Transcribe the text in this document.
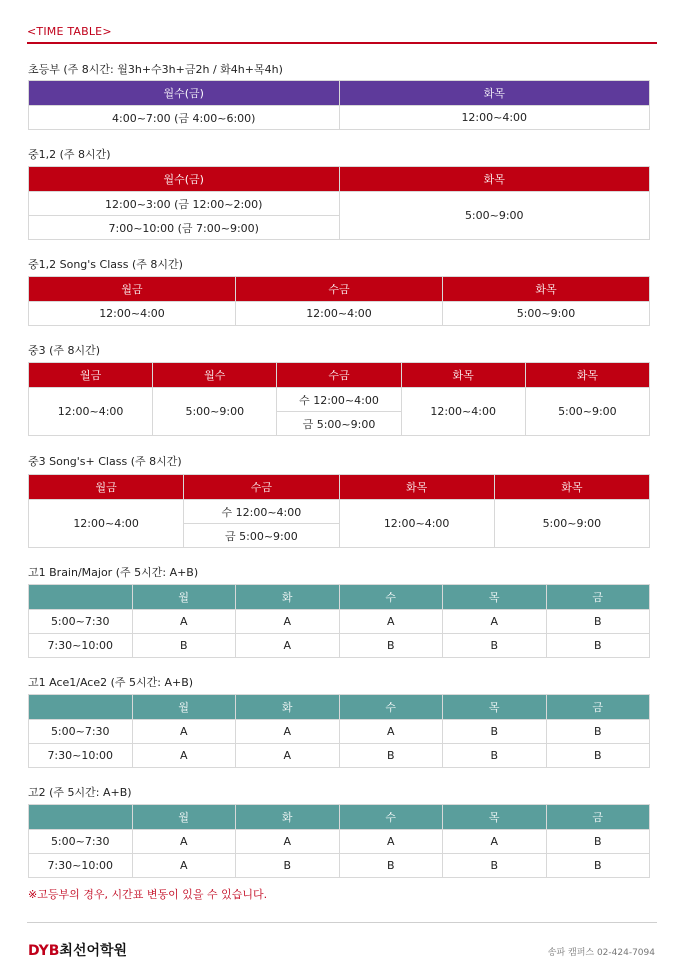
<TIME TABLE>
초등부 (주 8시간: 월3h+수3h+금2h / 화4h+목4h)
월수(금)	화목
4:00~7:00 (금 4:00~6:00)	12:00~4:00
중1,2 (주 8시간)
월수(금)	화목
12:00~3:00 (금 12:00~2:00)	5:00~9:00
7:00~10:00 (금 7:00~9:00)	
중1,2 Song's Class (주 8시간)
월금	수금	화목
12:00~4:00	12:00~4:00	5:00~9:00
중3 (주 8시간)
월금	월수	수금	화목	화목
12:00~4:00	5:00~9:00	수 12:00~4:00	12:00~4:00	5:00~9:00
		금 5:00~9:00		
중3 Song's+ Class (주 8시간)
월금	수금	화목	화목
12:00~4:00	수 12:00~4:00	12:00~4:00	5:00~9:00
	금 5:00~9:00		
고1 Brain/Major (주 5시간: A+B)
	월	화	수	목	금
5:00~7:30	A	A	A	A	B
7:30~10:00	B	A	B	B	B
고1 Ace1/Ace2 (주 5시간: A+B)
	월	화	수	목	금
5:00~7:30	A	A	A	B	B
7:30~10:00	A	A	B	B	B
고2 (주 5시간: A+B)
	월	화	수	목	금
5:00~7:30	A	A	A	A	B
7:30~10:00	A	B	B	B	B
※고등부의 경우, 시간표 변동이 있을 수 있습니다.
DYB최선어학원	송파 캠퍼스 02-424-7094
